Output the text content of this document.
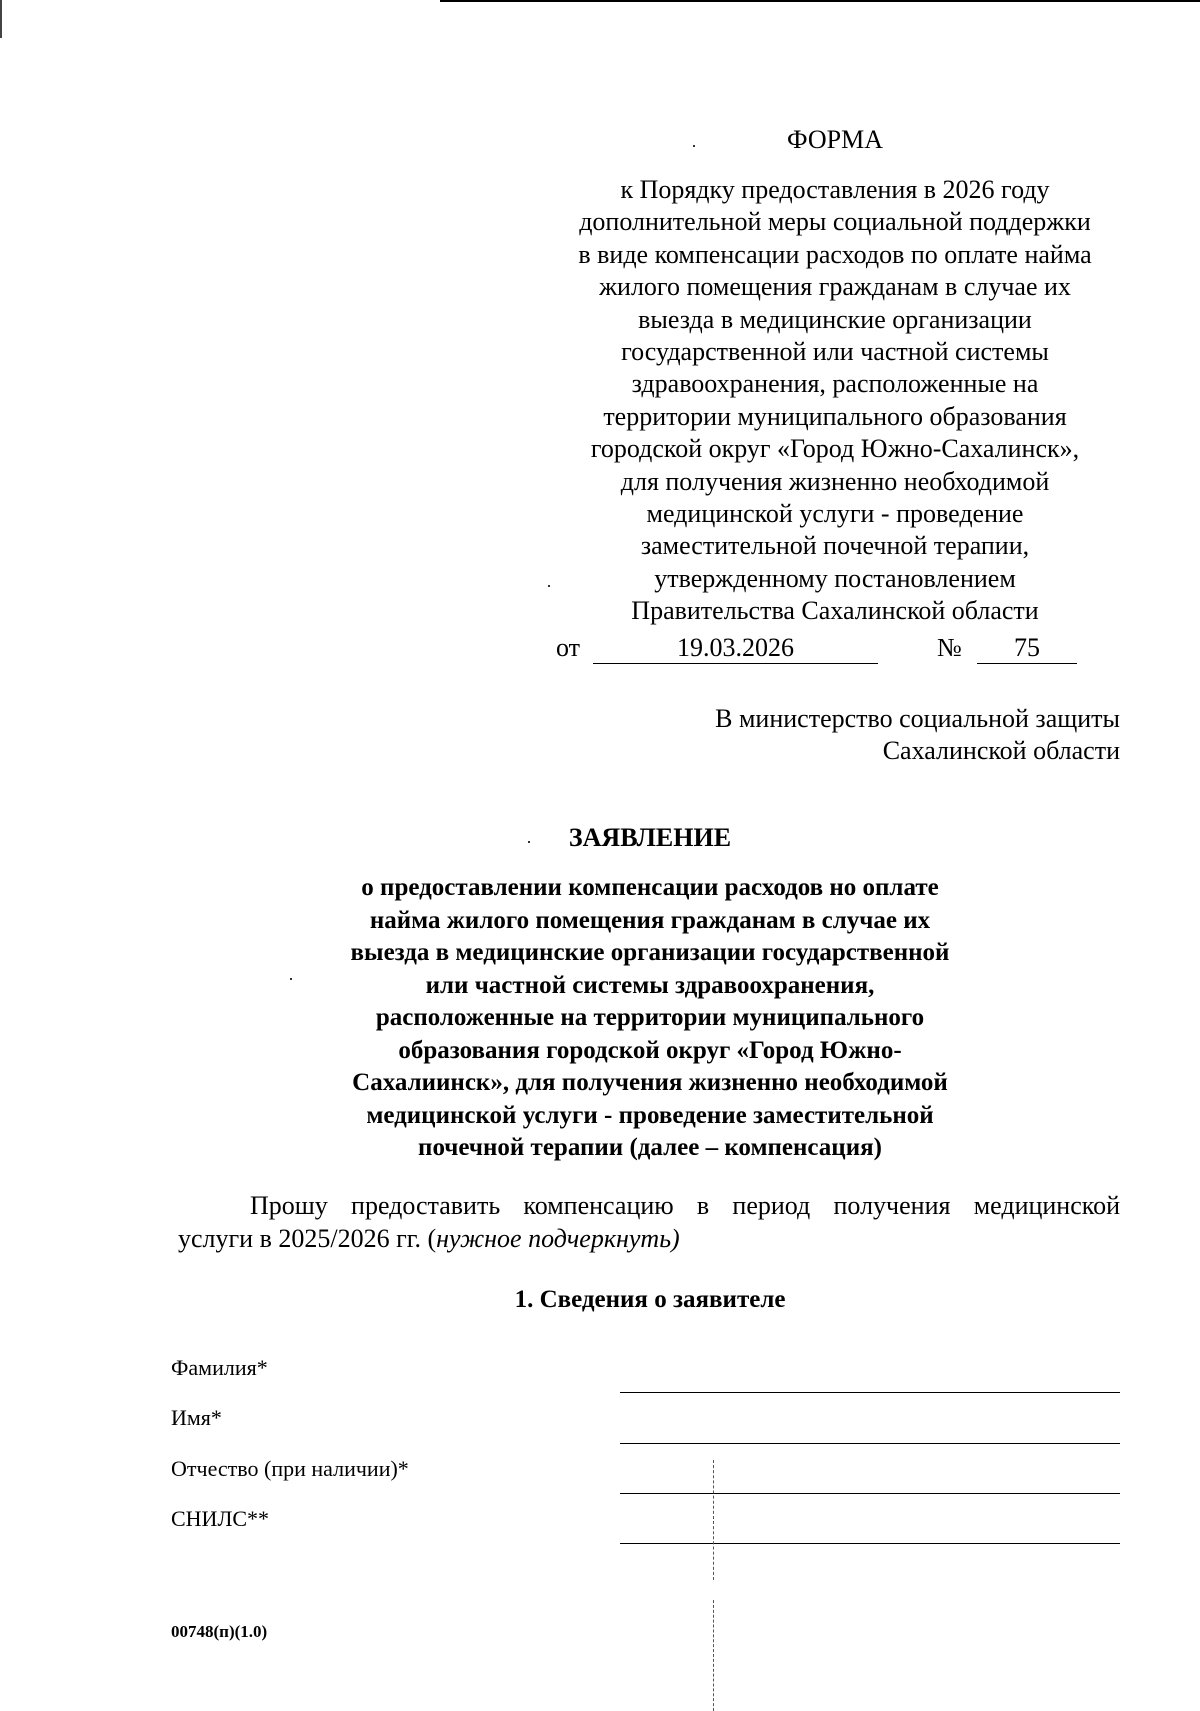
ФОРМА
к Порядку предоставления в 2026 году
дополнительной меры социальной поддержки
в виде компенсации расходов по оплате найма
жилого помещения гражданам в случае их
выезда в медицинские организации
государственной или частной системы
здравоохранения, расположенные на
территории муниципального образования
городской округ «Город Южно-Сахалинск»,
для получения жизненно необходимой
медицинской услуги - проведение
заместительной почечной терапии,
утвержденному постановлением
Правительства Сахалинской области
от	19.03.2026	№	75
В министерство социальной защиты
Сахалинской области
ЗАЯВЛЕНИЕ
о предоставлении компенсации расходов но оплате
найма жилого помещения гражданам в случае их
выезда в медицинские организации государственной
или частной системы здравоохранения,
расположенные на территории муниципального
образования городской округ «Город Южно-
Сахалиинск», для получения жизненно необходимой
медицинской услуги - проведение заместительной
почечной терапии (далее – компенсация)
Прошу предоставить компенсацию в период получения медицинской
услуги в 2025/2026 гг. (нужное подчеркнуть)
1. Сведения о заявителе
Фамилия*
Имя*
Отчество (при наличии)*
СНИЛС**
00748(п)(1.0)
